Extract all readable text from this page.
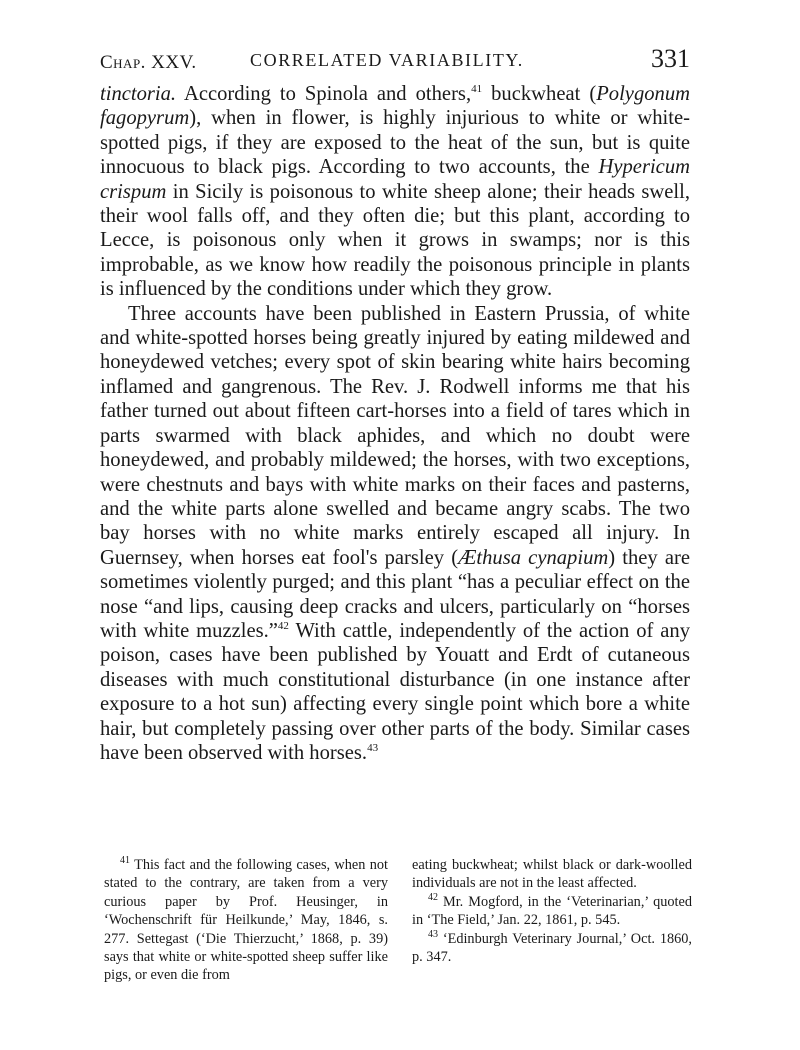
Chap. XXV.	CORRELATED VARIABILITY.	331

tinctoria. According to Spinola and others,$^{41}$ buckwheat (Polygonum fagopyrum), when in flower, is highly injurious to white or white-spotted pigs, if they are exposed to the heat of the sun, but is quite innocuous to black pigs. According to two accounts, the Hypericum crispum in Sicily is poisonous to white sheep alone; their heads swell, their wool falls off, and they often die; but this plant, according to Lecce, is poisonous only when it grows in swamps; nor is this improbable, as we know how readily the poisonous principle in plants is influenced by the conditions under which they grow.

Three accounts have been published in Eastern Prussia, of white and white-spotted horses being greatly injured by eating mildewed and honeydewed vetches; every spot of skin bearing white hairs becoming inflamed and gangrenous. The Rev. J. Rodwell informs me that his father turned out about fifteen cart-horses into a field of tares which in parts swarmed with black aphides, and which no doubt were honeydewed, and probably mildewed; the horses, with two exceptions, were chestnuts and bays with white marks on their faces and pasterns, and the white parts alone swelled and became angry scabs. The two bay horses with no white marks entirely escaped all injury. In Guernsey, when horses eat fool's parsley (Æthusa cynapium) they are sometimes violently purged; and this plant “has a peculiar effect on the nose “and lips, causing deep cracks and ulcers, particularly on “horses with white muzzles.”$^{42}$ With cattle, independently of the action of any poison, cases have been published by Youatt and Erdt of cutaneous diseases with much constitutional disturbance (in one instance after exposure to a hot sun) affecting every single point which bore a white hair, but completely passing over other parts of the body. Similar cases have been observed with horses.$^{43}$

$^{41}$ This fact and the following cases, when not stated to the contrary, are taken from a very curious paper by Prof. Heusinger, in ‘Wochenschrift für Heilkunde,’ May, 1846, s. 277. Settegast (‘Die Thierzucht,’ 1868, p. 39) says that white or white-spotted sheep suffer like pigs, or even die from

eating buckwheat; whilst black or dark-woolled individuals are not in the least affected.

$^{42}$ Mr. Mogford, in the ‘Veterinarian,’ quoted in ‘The Field,’ Jan. 22, 1861, p. 545.

$^{43}$ ‘Edinburgh Veterinary Journal,’ Oct. 1860, p. 347.
